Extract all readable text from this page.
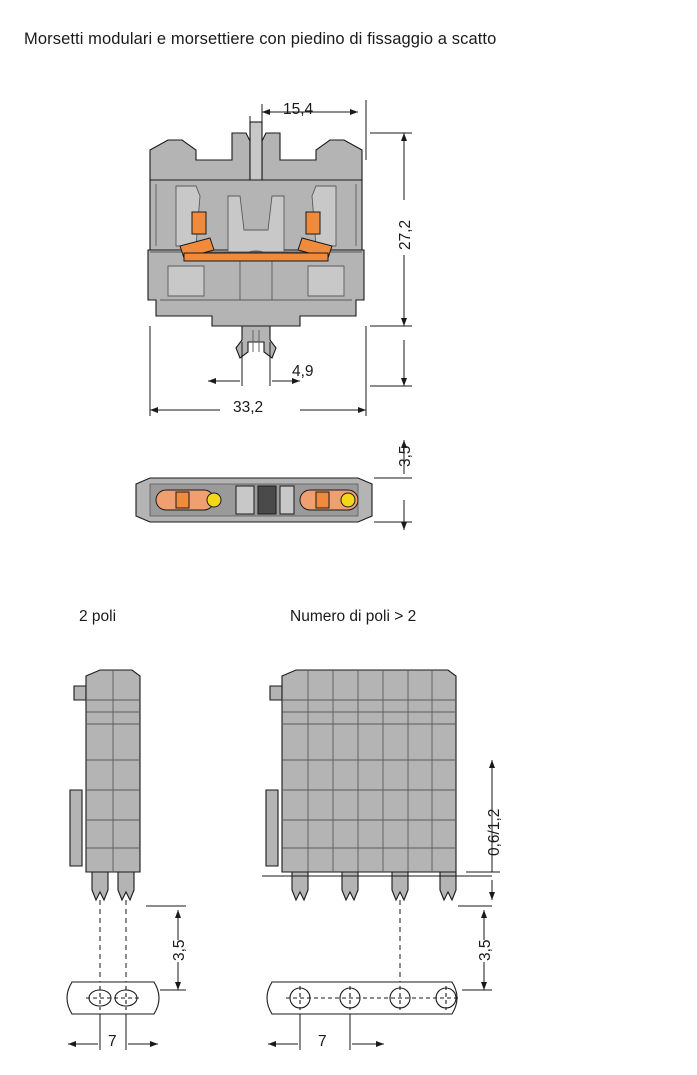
Morsetti modulari e morsettiere con piedino di fissaggio a scatto
15,4
27,2
4,9
33,2
3,5
2 poli	Numero di poli > 2
0,6/1,2
3,5	3,5
7	7
